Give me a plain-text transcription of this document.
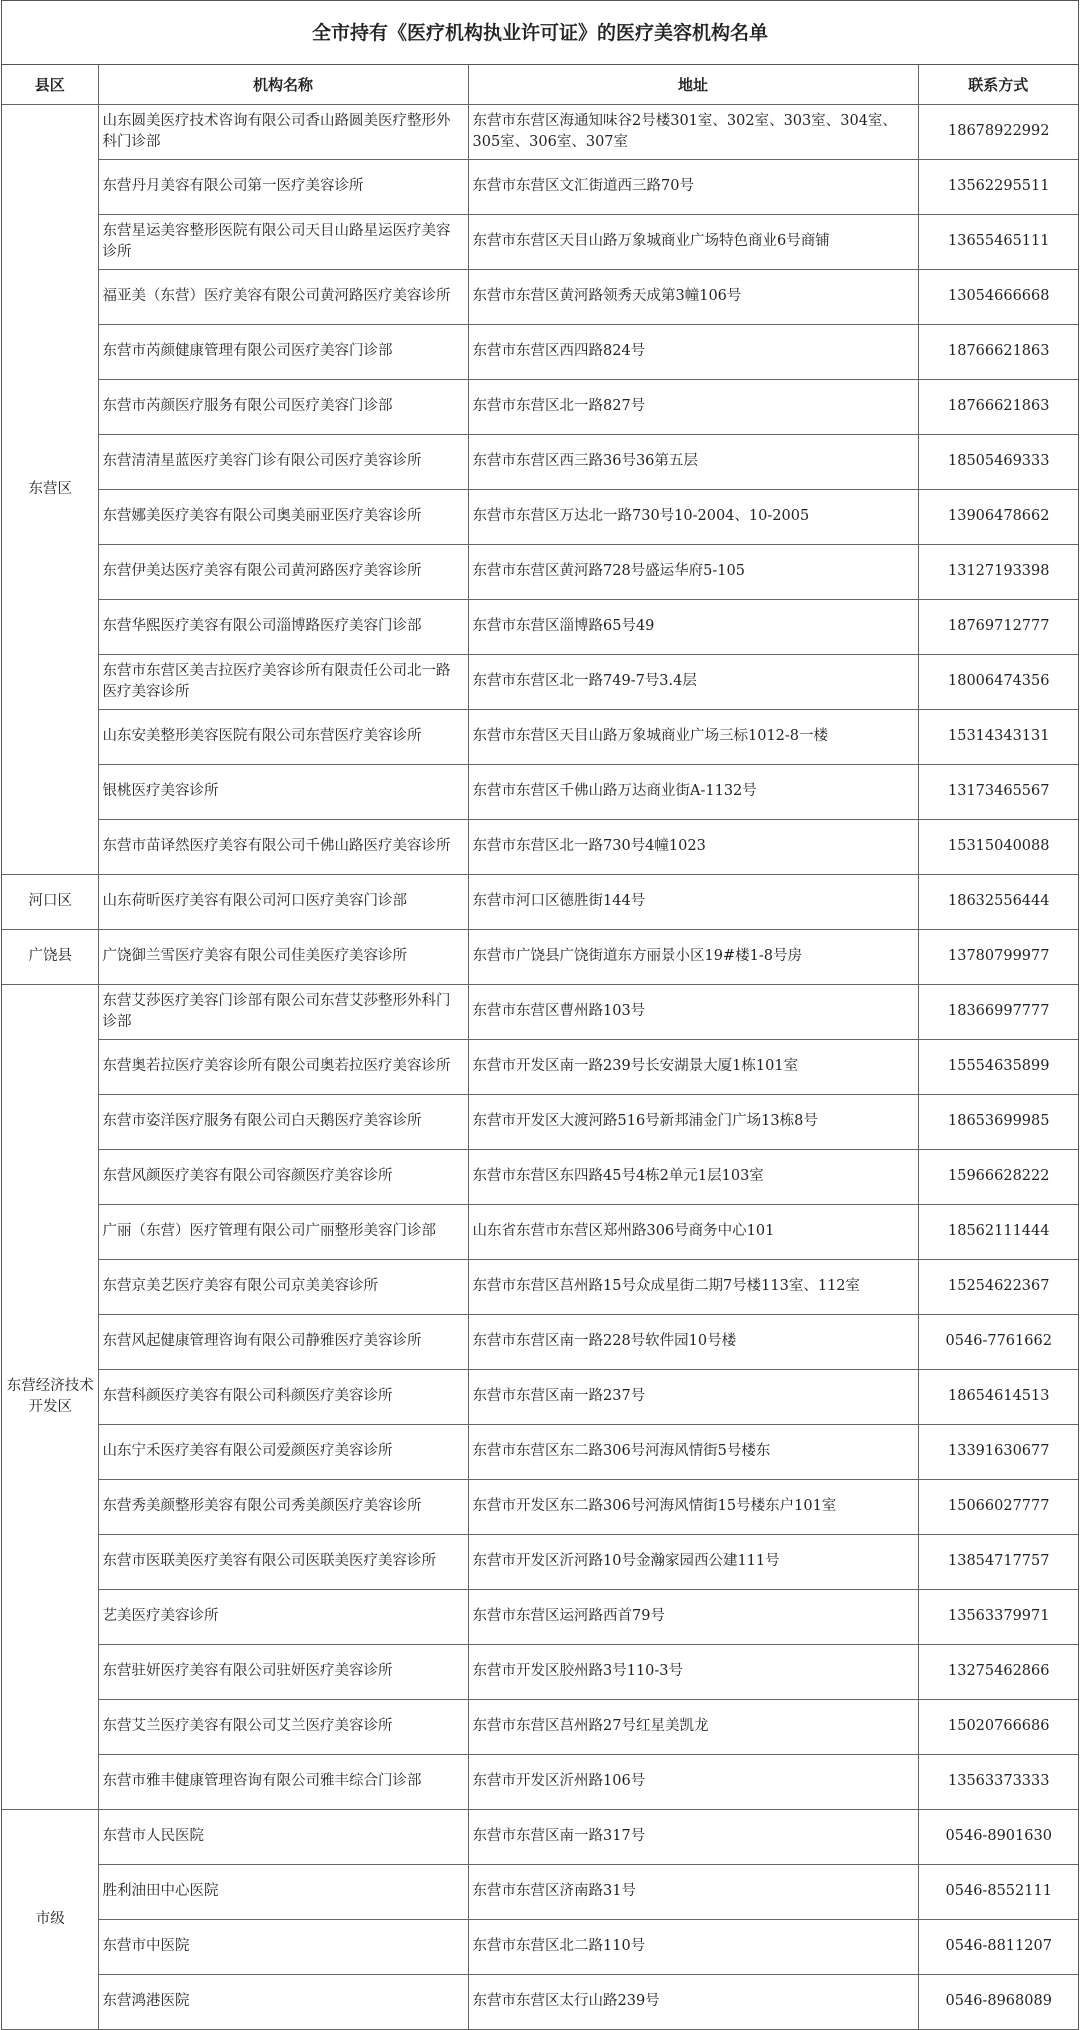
全市持有《医疗机构执业许可证》的医疗美容机构名单
县区	机构名称	地址	联系方式
东营区	山东圆美医疗技术咨询有限公司香山路圆美医疗整形外科门诊部	东营市东营区海通知味谷2号楼301室、302室、303室、304室、305室、306室、307室	18678922992
	东营丹月美容有限公司第一医疗美容诊所	东营市东营区文汇街道西三路70号	13562295511
	东营星运美容整形医院有限公司天目山路星运医疗美容诊所	东营市东营区天目山路万象城商业广场特色商业6号商铺	13655465111
	福亚美（东营）医疗美容有限公司黄河路医疗美容诊所	东营市东营区黄河路领秀天成第3幢106号	13054666668
	东营市芮颜健康管理有限公司医疗美容门诊部	东营市东营区西四路824号	18766621863
	东营市芮颜医疗服务有限公司医疗美容门诊部	东营市东营区北一路827号	18766621863
	东营清清星蓝医疗美容门诊有限公司医疗美容诊所	东营市东营区西三路36号36第五层	18505469333
	东营娜美医疗美容有限公司奥美丽亚医疗美容诊所	东营市东营区万达北一路730号10-2004、10-2005	13906478662
	东营伊美达医疗美容有限公司黄河路医疗美容诊所	东营市东营区黄河路728号盛运华府5-105	13127193398
	东营华熙医疗美容有限公司淄博路医疗美容门诊部	东营市东营区淄博路65号49	18769712777
	东营市东营区美吉拉医疗美容诊所有限责任公司北一路医疗美容诊所	东营市东营区北一路749-7号3.4层	18006474356
	山东安美整形美容医院有限公司东营医疗美容诊所	东营市东营区天目山路万象城商业广场三标1012-8一楼	15314343131
	银桃医疗美容诊所	东营市东营区千佛山路万达商业街A-1132号	13173465567
	东营市苗译然医疗美容有限公司千佛山路医疗美容诊所	东营市东营区北一路730号4幢1023	15315040088
河口区	山东荷昕医疗美容有限公司河口医疗美容门诊部	东营市河口区德胜街144号	18632556444
广饶县	广饶御兰雪医疗美容有限公司佳美医疗美容诊所	东营市广饶县广饶街道东方丽景小区19#楼1-8号房	13780799977
东营经济技术开发区	东营艾莎医疗美容门诊部有限公司东营艾莎整形外科门诊部	东营市东营区曹州路103号	18366997777
	东营奥若拉医疗美容诊所有限公司奥若拉医疗美容诊所	东营市开发区南一路239号长安湖景大厦1栋101室	15554635899
	东营市姿洋医疗服务有限公司白天鹅医疗美容诊所	东营市开发区大渡河路516号新邦浦金门广场13栋8号	18653699985
	东营风颜医疗美容有限公司容颜医疗美容诊所	东营市东营区东四路45号4栋2单元1层103室	15966628222
	广丽（东营）医疗管理有限公司广丽整形美容门诊部	山东省东营市东营区郑州路306号商务中心101	18562111444
	东营京美艺医疗美容有限公司京美美容诊所	东营市东营区莒州路15号众成星街二期7号楼113室、112室	15254622367
	东营风起健康管理咨询有限公司静雅医疗美容诊所	东营市东营区南一路228号软件园10号楼	0546-7761662
	东营科颜医疗美容有限公司科颜医疗美容诊所	东营市东营区南一路237号	18654614513
	山东宁禾医疗美容有限公司爱颜医疗美容诊所	东营市东营区东二路306号河海风情街5号楼东	13391630677
	东营秀美颜整形美容有限公司秀美颜医疗美容诊所	东营市开发区东二路306号河海风情街15号楼东户101室	15066027777
	东营市医联美医疗美容有限公司医联美医疗美容诊所	东营市开发区沂河路10号金瀚家园西公建111号	13854717757
	艺美医疗美容诊所	东营市东营区运河路西首79号	13563379971
	东营驻妍医疗美容有限公司驻妍医疗美容诊所	东营市开发区胶州路3号110-3号	13275462866
	东营艾兰医疗美容有限公司艾兰医疗美容诊所	东营市东营区莒州路27号红星美凯龙	15020766686
	东营市雅丰健康管理咨询有限公司雅丰综合门诊部	东营市开发区沂州路106号	13563373333
市级	东营市人民医院	东营市东营区南一路317号	0546-8901630
	胜利油田中心医院	东营市东营区济南路31号	0546-8552111
	东营市中医院	东营市东营区北二路110号	0546-8811207
	东营鸿港医院	东营市东营区太行山路239号	0546-8968089
